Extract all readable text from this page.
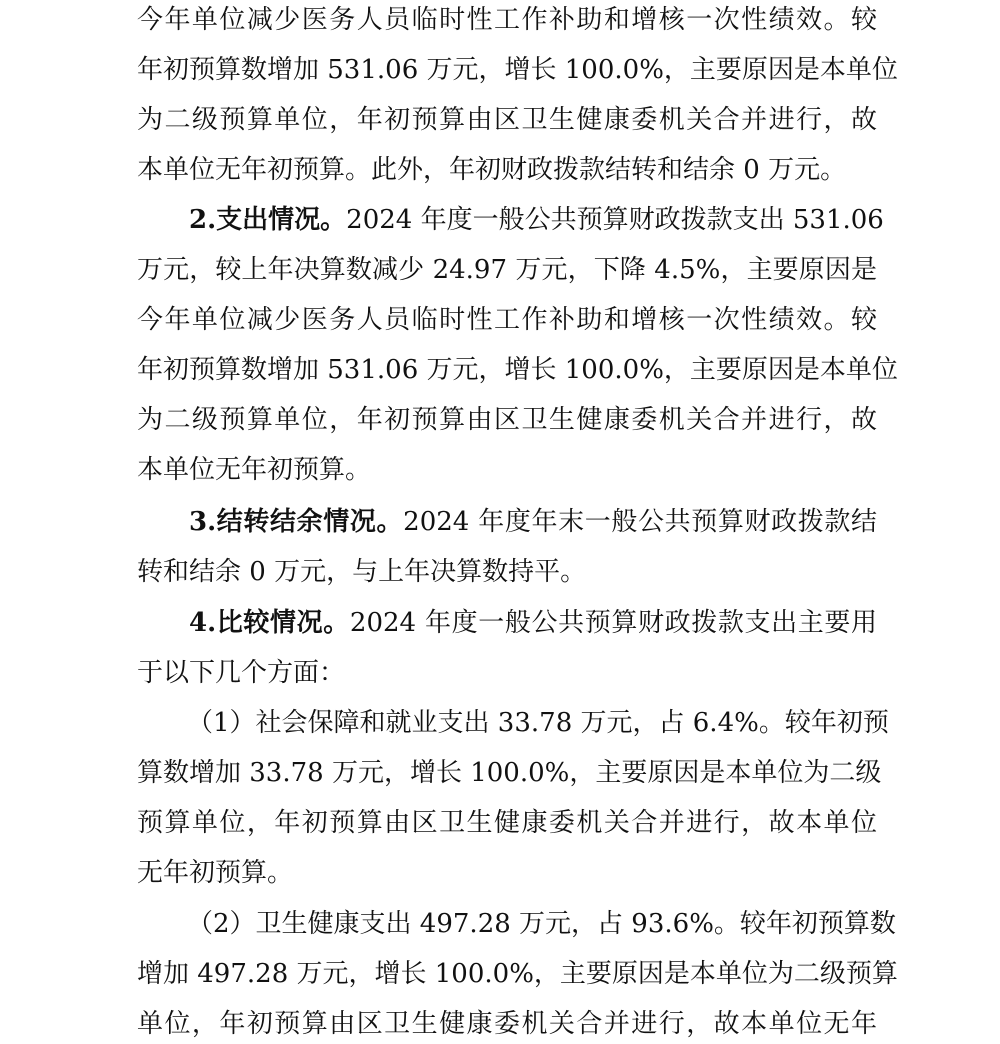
今年单位减少医务人员临时性工作补助和增核一次性绩效。较
年初预算数增加 531.06 万元，增长 100.0%，主要原因是本单位
为二级预算单位，年初预算由区卫生健康委机关合并进行，故
本单位无年初预算。此外，年初财政拨款结转和结余 0 万元。
2.支出情况。2024 年度一般公共预算财政拨款支出 531.06
万元，较上年决算数减少 24.97 万元，下降 4.5%，主要原因是
今年单位减少医务人员临时性工作补助和增核一次性绩效。较
年初预算数增加 531.06 万元，增长 100.0%，主要原因是本单位
为二级预算单位，年初预算由区卫生健康委机关合并进行，故
本单位无年初预算。
3.结转结余情况。2024 年度年末一般公共预算财政拨款结
转和结余 0 万元，与上年决算数持平。
4.比较情况。2024 年度一般公共预算财政拨款支出主要用
于以下几个方面：
（1）社会保障和就业支出 33.78 万元，占 6.4%。较年初预
算数增加 33.78 万元，增长 100.0%，主要原因是本单位为二级
预算单位，年初预算由区卫生健康委机关合并进行，故本单位
无年初预算。
（2）卫生健康支出 497.28 万元，占 93.6%。较年初预算数
增加 497.28 万元，增长 100.0%，主要原因是本单位为二级预算
单位，年初预算由区卫生健康委机关合并进行，故本单位无年
